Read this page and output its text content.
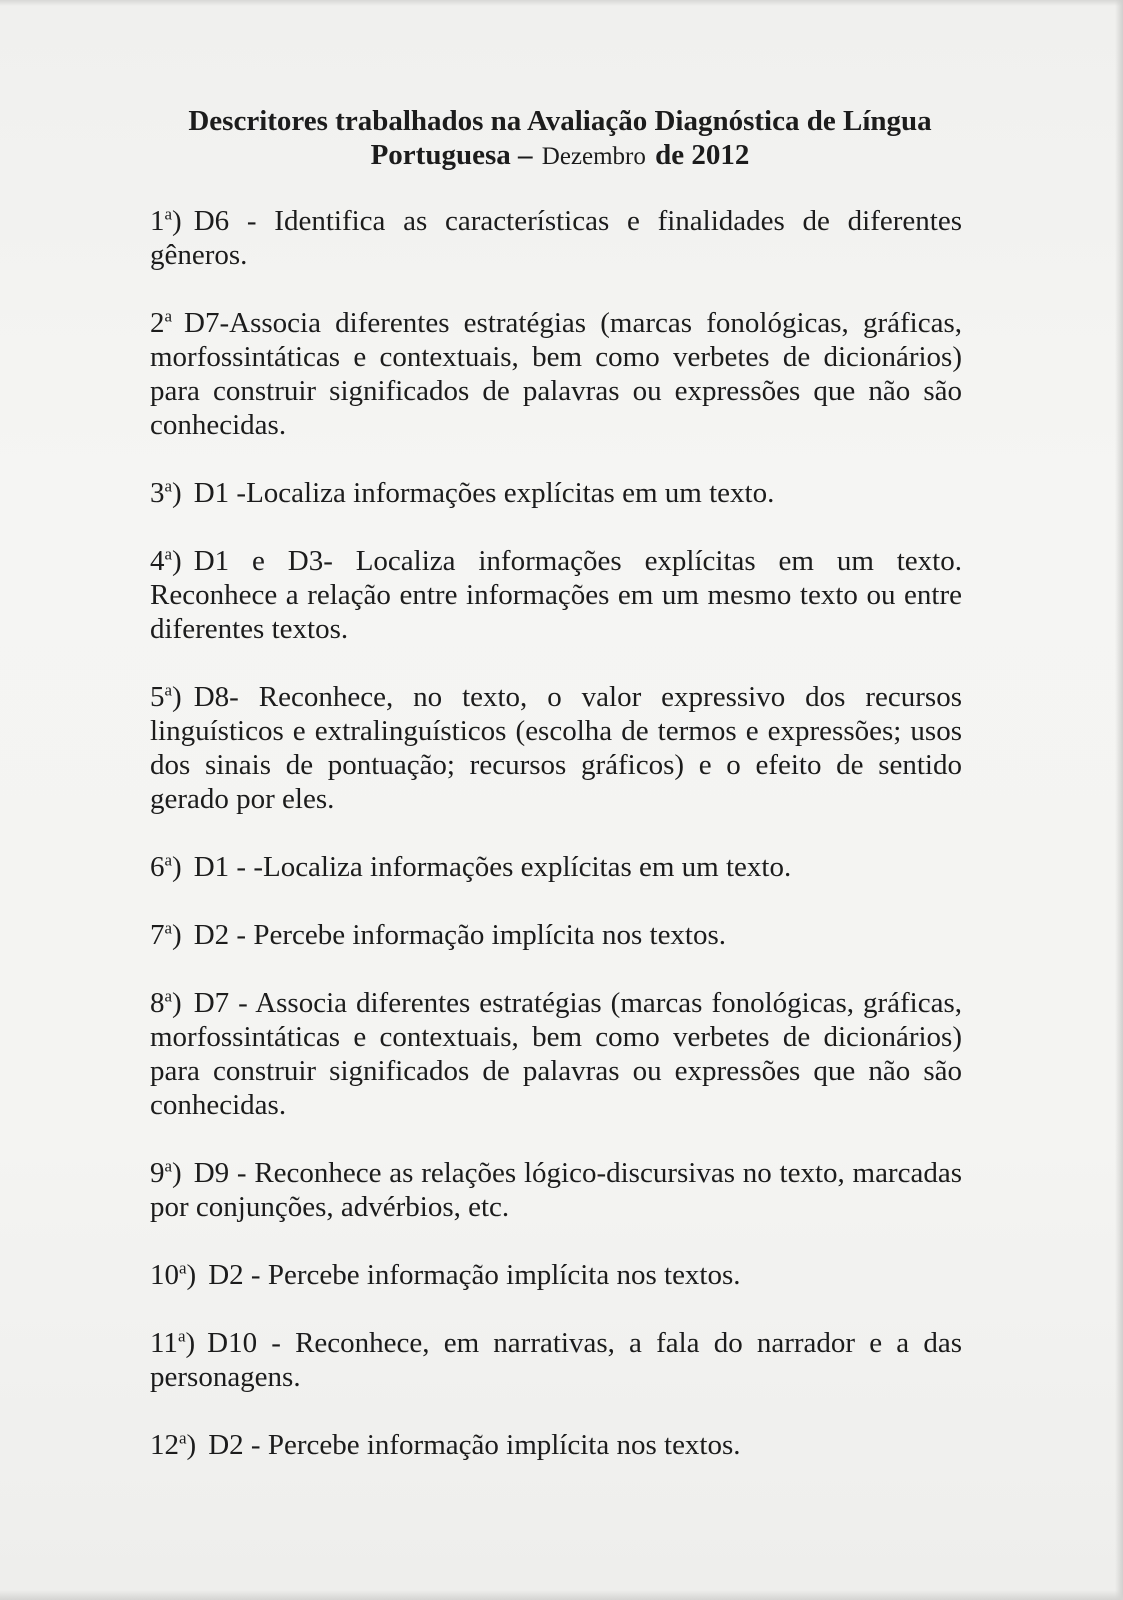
Descritores trabalhados na Avaliação Diagnóstica de Língua
Portuguesa – Dezembro de 2012
1$^a$) D6 - Identifica as características e finalidades de diferentes gêneros.
2$^a$ D7-Associa diferentes estratégias (marcas fonológicas, gráficas, morfossintáticas e contextuais, bem como verbetes de dicionários) para construir significados de palavras ou expressões que não são conhecidas.
3$^a$) D1 -Localiza informações explícitas em um texto.
4$^a$) D1 e D3- Localiza informações explícitas em um texto. Reconhece a relação entre informações em um mesmo texto ou entre diferentes textos.
5$^a$) D8- Reconhece, no texto, o valor expressivo dos recursos linguísticos e extralinguísticos (escolha de termos e expressões; usos dos sinais de pontuação; recursos gráficos) e o efeito de sentido gerado por eles.
6$^a$) D1 - -Localiza informações explícitas em um texto.
7$^a$) D2 - Percebe informação implícita nos textos.
8$^a$) D7 - Associa diferentes estratégias (marcas fonológicas, gráficas, morfossintáticas e contextuais, bem como verbetes de dicionários) para construir significados de palavras ou expressões que não são conhecidas.
9$^a$) D9 - Reconhece as relações lógico-discursivas no texto, marcadas por conjunções, advérbios, etc.
10$^a$) D2 - Percebe informação implícita nos textos.
11$^a$) D10 - Reconhece, em narrativas, a fala do narrador e a das personagens.
12$^a$) D2 - Percebe informação implícita nos textos.
